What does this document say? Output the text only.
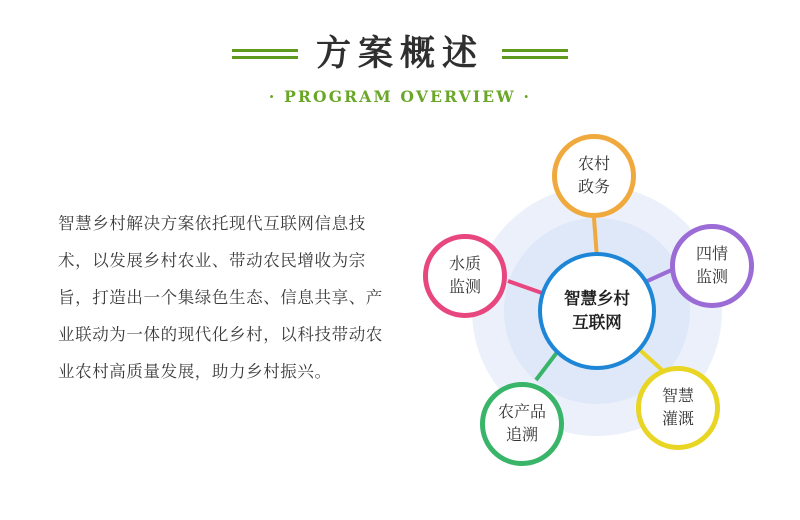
方案概述
· PROGRAM OVERVIEW ·
智慧乡村解决方案依托现代互联网信息技术，以发展乡村农业、带动农民增收为宗旨，打造出一个集绿色生态、信息共享、产业联动为一体的现代化乡村，以科技带动农业农村高质量发展，助力乡村振兴。
农村
政务
四情
监测
智慧
灌溉
农产品
追溯
水质
监测
智慧乡村
互联网
